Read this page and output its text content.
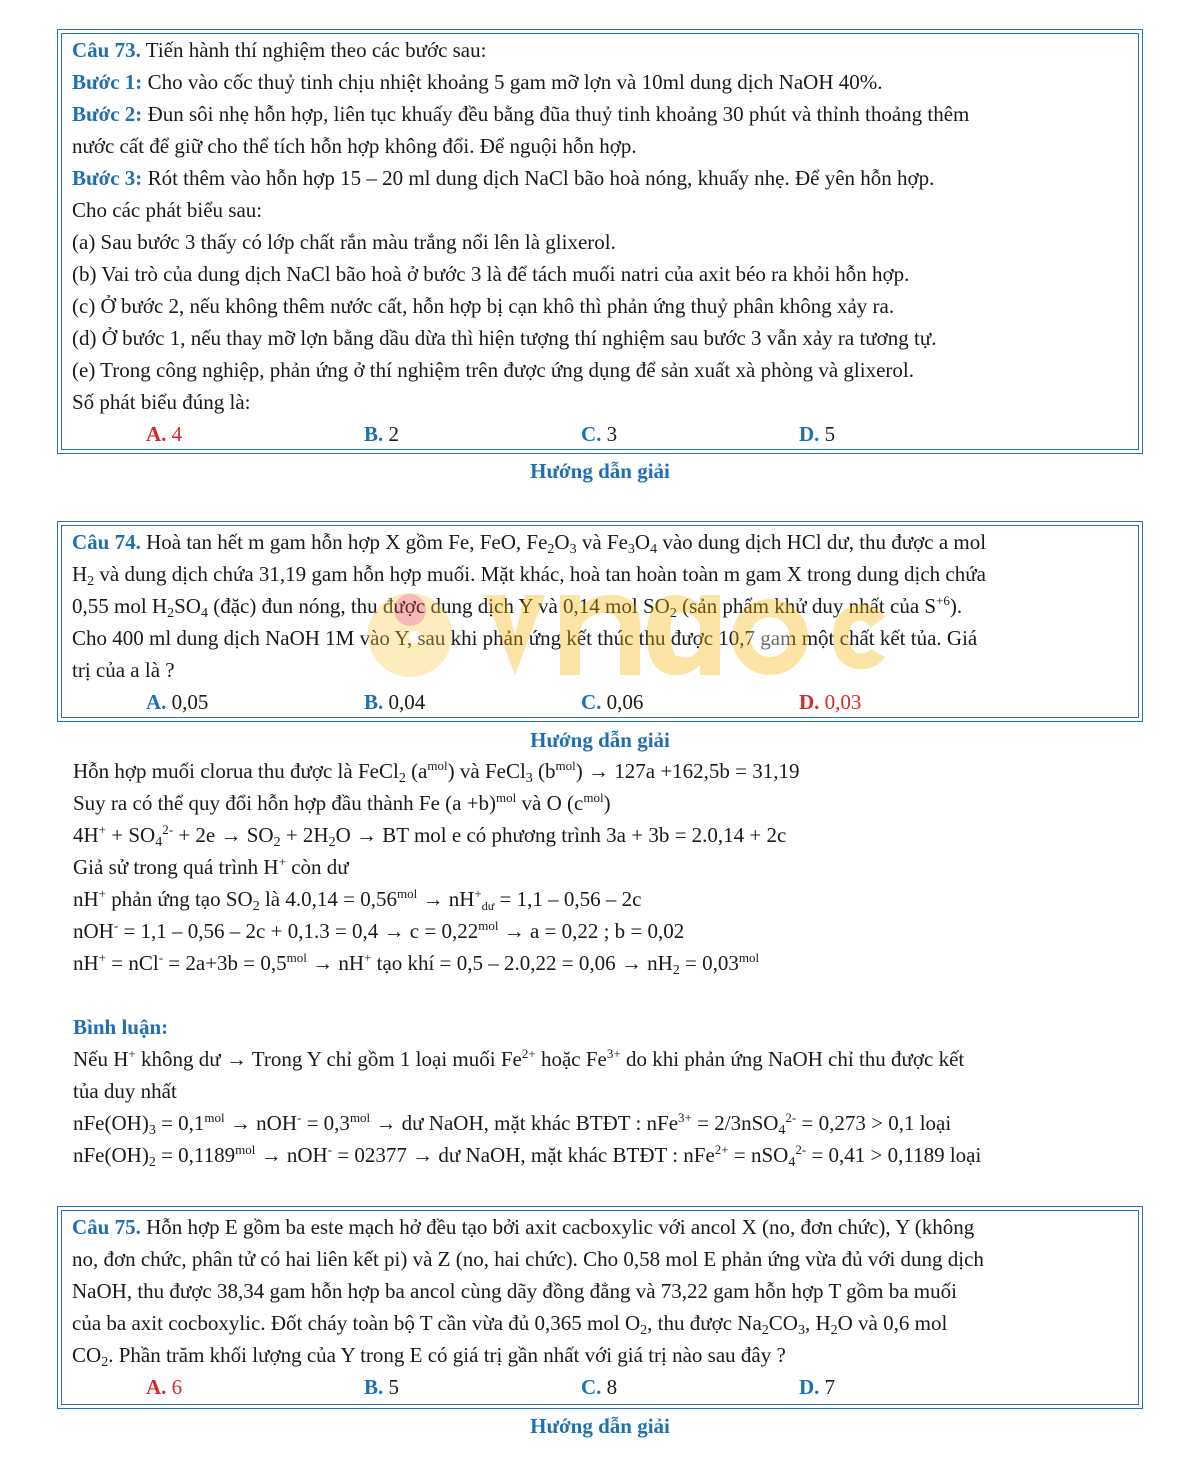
Câu 73. Tiến hành thí nghiệm theo các bước sau:
Bước 1: Cho vào cốc thuỷ tinh chịu nhiệt khoảng 5 gam mỡ lợn và 10ml dung dịch NaOH 40%.
Bước 2: Đun sôi nhẹ hỗn hợp, liên tục khuấy đều bằng đũa thuỷ tinh khoảng 30 phút và thỉnh thoảng thêm
nước cất để giữ cho thể tích hỗn hợp không đổi. Để nguội hỗn hợp.
Bước 3: Rót thêm vào hỗn hợp 15 – 20 ml dung dịch NaCl bão hoà nóng, khuấy nhẹ. Để yên hỗn hợp.
Cho các phát biểu sau:
(a) Sau bước 3 thấy có lớp chất rắn màu trắng nổi lên là glixerol.
(b) Vai trò của dung dịch NaCl bão hoà ở bước 3 là để tách muối natri của axit béo ra khỏi hỗn hợp.
(c) Ở bước 2, nếu không thêm nước cất, hỗn hợp bị cạn khô thì phản ứng thuỷ phân không xảy ra.
(d) Ở bước 1, nếu thay mỡ lợn bằng dầu dừa thì hiện tượng thí nghiệm sau bước 3 vẫn xảy ra tương tự.
(e) Trong công nghiệp, phản ứng ở thí nghiệm trên được ứng dụng để sản xuất xà phòng và glixerol.
Số phát biểu đúng là:
A. 4	B. 2	C. 3	D. 5
Hướng dẫn giải
Câu 74. Hoà tan hết m gam hỗn hợp X gồm Fe, FeO, $Fe_2O_3$ và $Fe_3O_4$ vào dung dịch HCl dư, thu được a mol
$H_2$ và dung dịch chứa 31,19 gam hỗn hợp muối. Mặt khác, hoà tan hoàn toàn m gam X trong dung dịch chứa
0,55 mol $H_2SO_4$ (đặc) đun nóng, thu được dung dịch Y và 0,14 mol $SO_2$ (sản phẩm khử duy nhất của $S^{+6}$).
Cho 400 ml dung dịch NaOH 1M vào Y, sau khi phản ứng kết thúc thu được 10,7 gam một chất kết tủa. Giá
trị của a là ?
A. 0,05	B. 0,04	C. 0,06	D. 0,03
Hướng dẫn giải
Hỗn hợp muối clorua thu được là FeCl$_2$ $(a^{mol})$ và FeCl$_3$ $(b^{mol}) \to 127a +162,5b = 31,19$
Suy ra có thể quy đổi hỗn hợp đầu thành Fe $(a +b)^{mol}$ và O $(c^{mol})$
$4H^+ + SO_4^{2-} + 2e \to SO_2 + 2H_2O$ → BT mol e có phương trình 3a + 3b = 2.0,14 + 2c
Giả sử trong quá trình H+ còn dư
nH+ phản ứng tạo $SO_2$ là $4.0,14 = 0,56^{mol} \to nH^+_{dư} = 1,1 - 0,56 - 2c$
$nOH^- = 1,1 - 0,56 - 2c + 0,1.3 = 0,4 \to c = 0,22^{mol} \to a = 0,22$ ; b = 0,02
$nH^+ = nCl^- = 2a+3b = 0,5^{mol} \to nH^+$ tạo khí = $0,5 - 2.0,22 = 0,06 \to nH_2 = 0,03^{mol}$
Bình luận:
Nếu H+ không dư → Trong Y chỉ gồm 1 loại muối $Fe^{2+}$ hoặc $Fe^{3+}$ do khi phản ứng NaOH chỉ thu được kết
tủa duy nhất
$nFe(OH)_3 = 0,1^{mol} \to nOH^- = 0,3^{mol}$ → dư NaOH, mặt khác BTĐT : nFe$^{3+}$ = 2/3nSO$_4^{2-}$ = 0,273 > 0,1 loại
$nFe(OH)_2 = 0,1189^{mol} \to nOH^- = 02377$ → dư NaOH, mặt khác BTĐT : nFe$^{2+}$ = nSO$_4^{2-}$ = 0,41 > 0,1189 loại
Câu 75. Hỗn hợp E gồm ba este mạch hở đều tạo bởi axit cacboxylic với ancol X (no, đơn chức), Y (không
no, đơn chức, phân tử có hai liên kết pi) và Z (no, hai chức). Cho 0,58 mol E phản ứng vừa đủ với dung dịch
NaOH, thu được 38,34 gam hỗn hợp ba ancol cùng dãy đồng đẳng và 73,22 gam hỗn hợp T gồm ba muối
của ba axit cocboxylic. Đốt cháy toàn bộ T cần vừa đủ 0,365 mol $O_2$, thu được $Na_2CO_3$, $H_2O$ và 0,6 mol
$CO_2$. Phần trăm khối lượng của Y trong E có giá trị gần nhất với giá trị nào sau đây ?
A. 6	B. 5	C. 8	D. 7
Hướng dẫn giải
